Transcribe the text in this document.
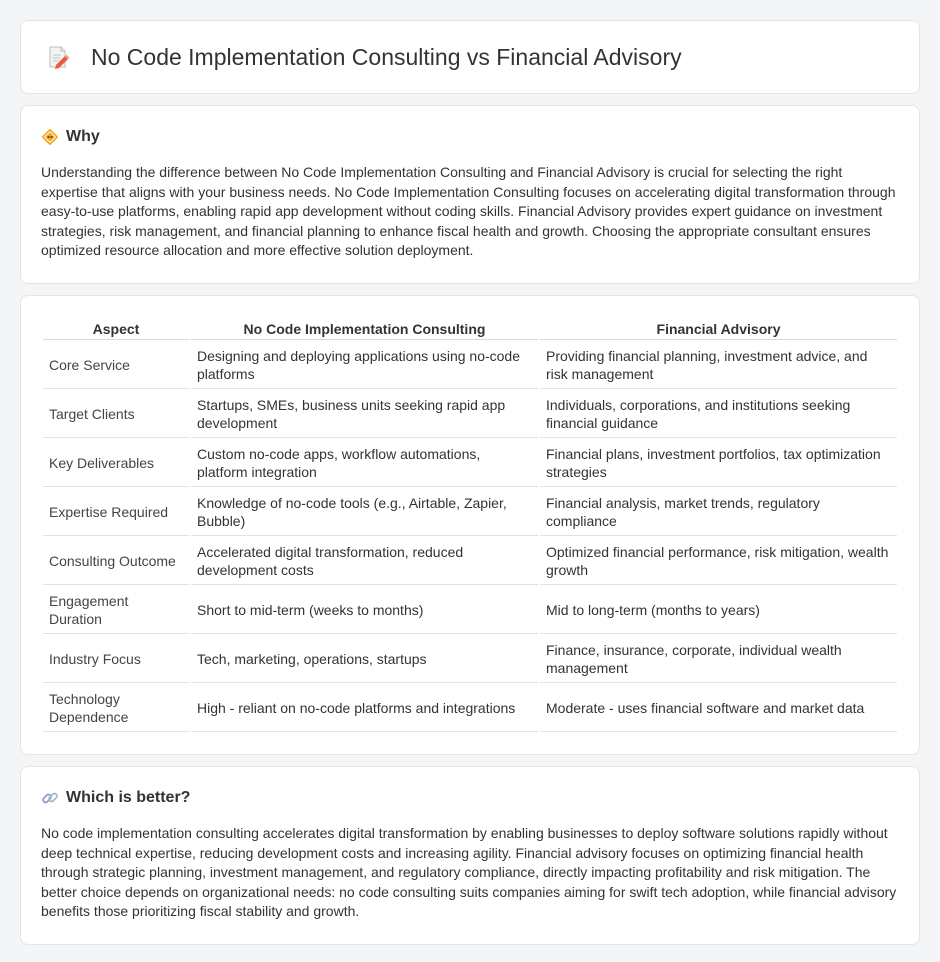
No Code Implementation Consulting vs Financial Advisory
Why

Understanding the difference between No Code Implementation Consulting and Financial Advisory is crucial for selecting the right expertise that aligns with your business needs. No Code Implementation Consulting focuses on accelerating digital transformation through easy-to-use platforms, enabling rapid app development without coding skills. Financial Advisory provides expert guidance on investment strategies, risk management, and financial planning to enhance fiscal health and growth. Choosing the appropriate consultant ensures optimized resource allocation and more effective solution deployment.

Aspect	No Code Implementation Consulting	Financial Advisory
Core Service	Designing and deploying applications using no-code platforms	Providing financial planning, investment advice, and risk management
Target Clients	Startups, SMEs, business units seeking rapid app development	Individuals, corporations, and institutions seeking financial guidance
Key Deliverables	Custom no-code apps, workflow automations, platform integration	Financial plans, investment portfolios, tax optimization strategies
Expertise Required	Knowledge of no-code tools (e.g., Airtable, Zapier, Bubble)	Financial analysis, market trends, regulatory compliance
Consulting Outcome	Accelerated digital transformation, reduced development costs	Optimized financial performance, risk mitigation, wealth growth
Engagement Duration	Short to mid-term (weeks to months)	Mid to long-term (months to years)
Industry Focus	Tech, marketing, operations, startups	Finance, insurance, corporate, individual wealth management
Technology Dependence	High - reliant on no-code platforms and integrations	Moderate - uses financial software and market data
Which is better?

No code implementation consulting accelerates digital transformation by enabling businesses to deploy software solutions rapidly without deep technical expertise, reducing development costs and increasing agility. Financial advisory focuses on optimizing financial health through strategic planning, investment management, and regulatory compliance, directly impacting profitability and risk mitigation. The better choice depends on organizational needs: no code consulting suits companies aiming for swift tech adoption, while financial advisory benefits those prioritizing fiscal stability and growth.
